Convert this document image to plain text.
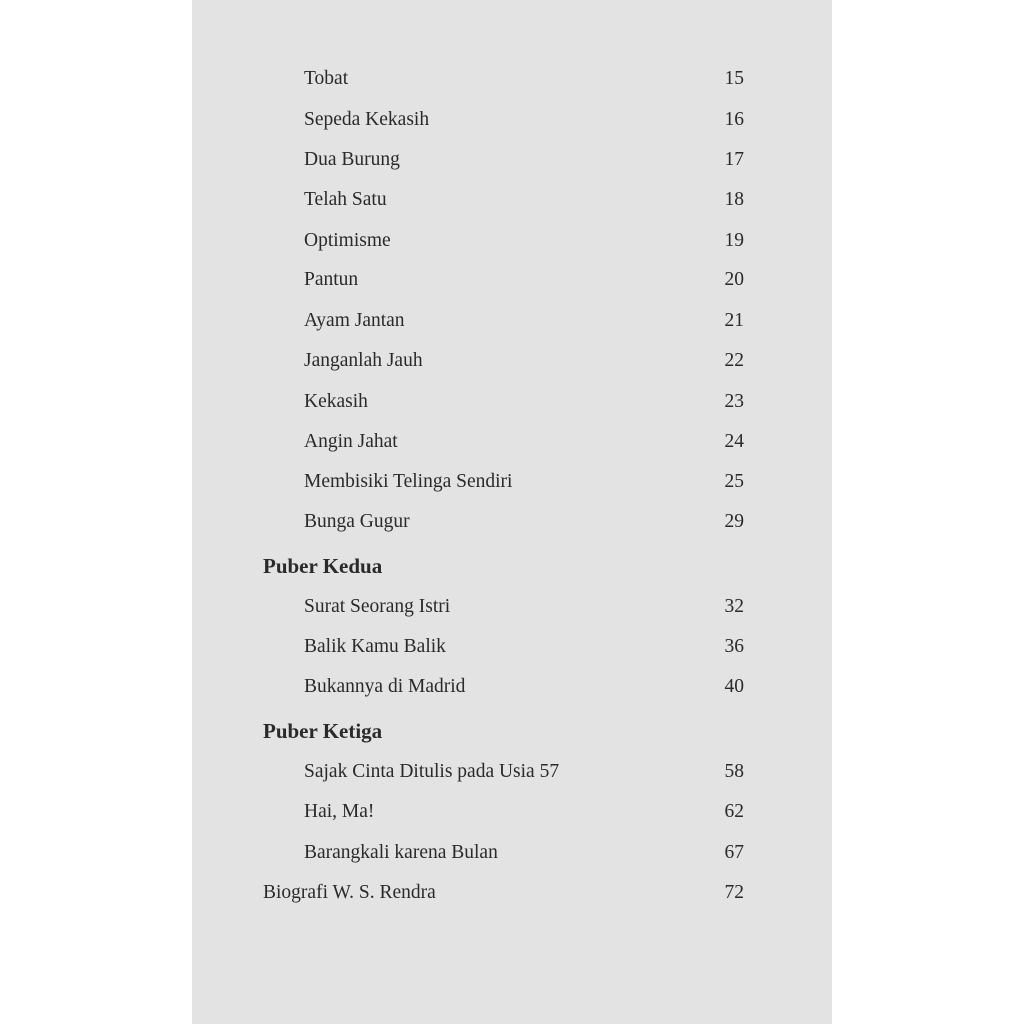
Tobat	15
Sepeda Kekasih	16
Dua Burung	17
Telah Satu	18
Optimisme	19
Pantun	20
Ayam Jantan	21
Janganlah Jauh	22
Kekasih	23
Angin Jahat	24
Membisiki Telinga Sendiri	25
Bunga Gugur	29
Puber Kedua
Surat Seorang Istri	32
Balik Kamu Balik	36
Bukannya di Madrid	40
Puber Ketiga
Sajak Cinta Ditulis pada Usia 57	58
Hai, Ma!	62
Barangkali karena Bulan	67
Biografi W. S. Rendra	72
